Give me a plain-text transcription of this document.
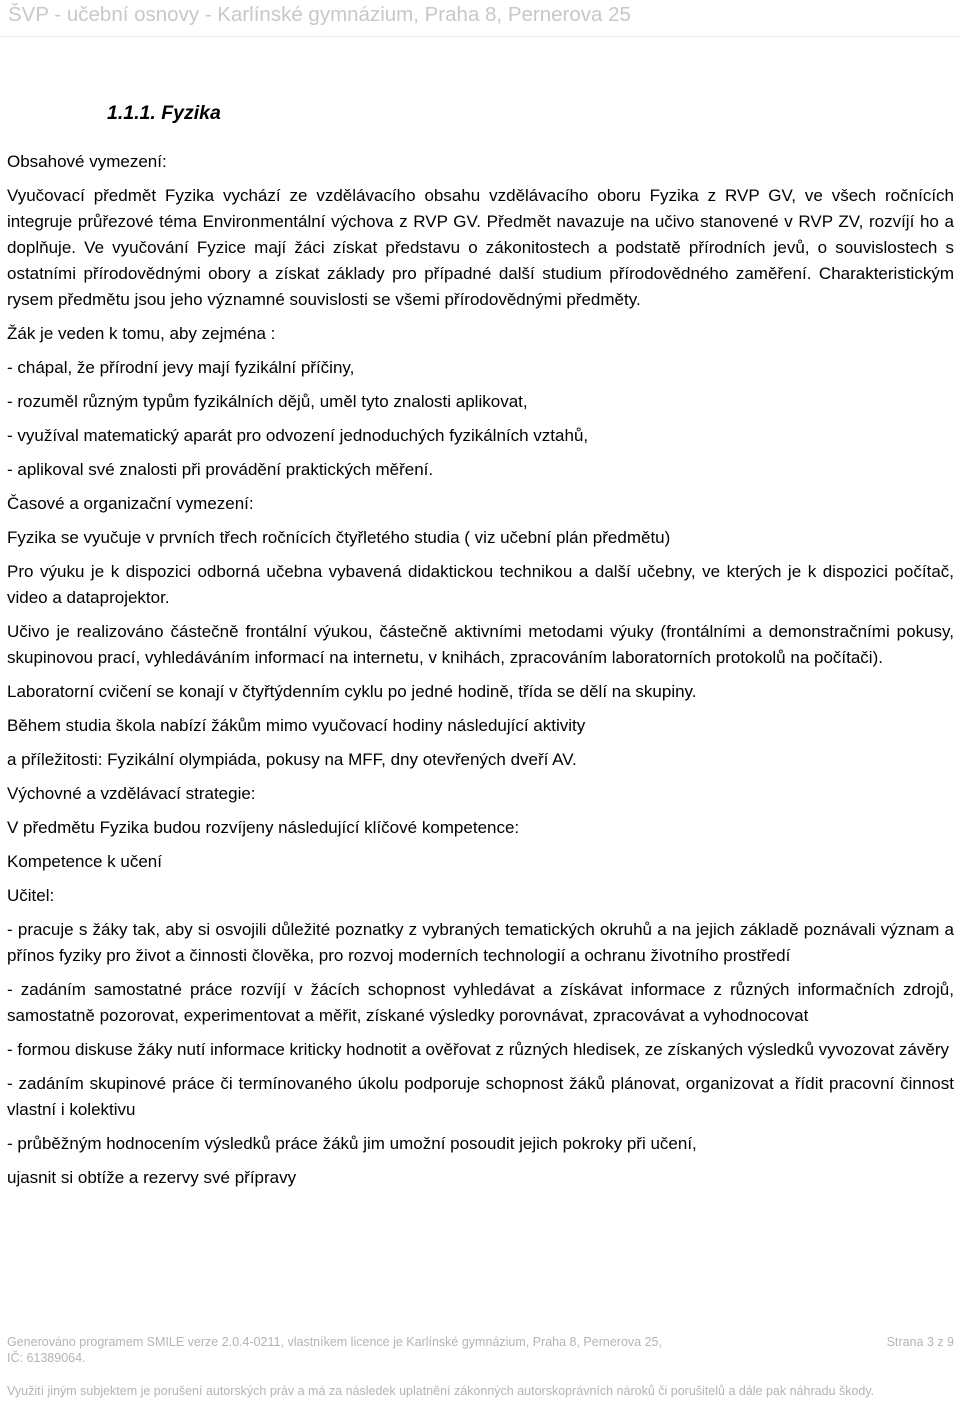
ŠVP - učební osnovy - Karlínské gymnázium, Praha 8, Pernerova 25
1.1.1. Fyzika

Obsahové vymezení:

Vyučovací předmět Fyzika vychází ze vzdělávacího obsahu vzdělávacího oboru Fyzika z RVP GV, ve všech ročnících integruje průřezové téma Environmentální výchova z RVP GV. Předmět navazuje na učivo stanovené v RVP ZV, rozvíjí ho a doplňuje. Ve vyučování Fyzice mají žáci získat představu o zákonitostech a podstatě přírodních jevů, o souvislostech s ostatními přírodovědnými obory a získat základy pro případné další studium přírodovědného zaměření. Charakteristickým rysem předmětu jsou jeho významné souvislosti se všemi přírodovědnými předměty.

Žák je veden k tomu, aby zejména :

- chápal, že přírodní jevy mají fyzikální příčiny,

- rozuměl různým typům fyzikálních dějů, uměl tyto znalosti aplikovat,

- využíval matematický aparát pro odvození jednoduchých fyzikálních vztahů,

- aplikoval své znalosti při provádění praktických měření.

Časové a organizační vymezení:

Fyzika se vyučuje v prvních třech ročnících čtyřletého studia ( viz učební plán předmětu)

Pro výuku je k dispozici odborná učebna vybavená didaktickou technikou a další učebny, ve kterých je k dispozici počítač, video a dataprojektor.

Učivo je realizováno částečně frontální výukou, částečně aktivními metodami výuky (frontálními a demonstračními pokusy, skupinovou prací, vyhledáváním informací na internetu, v knihách, zpracováním laboratorních protokolů na počítači).

Laboratorní cvičení se konají v čtyřtýdenním cyklu po jedné hodině, třída se dělí na skupiny.

Během studia škola nabízí žákům mimo vyučovací hodiny následující aktivity

a příležitosti: Fyzikální olympiáda, pokusy na MFF, dny otevřených dveří AV.

Výchovné a vzdělávací strategie:

V předmětu Fyzika budou rozvíjeny následující klíčové kompetence:

Kompetence k učení

Učitel:

- pracuje s žáky tak, aby si osvojili důležité poznatky z vybraných tematických okruhů a na jejich základě poznávali význam a přínos fyziky pro život a činnosti člověka, pro rozvoj moderních technologií a ochranu životního prostředí

- zadáním samostatné práce rozvíjí v žácích schopnost vyhledávat a získávat informace z různých informačních zdrojů, samostatně pozorovat, experimentovat a měřit, získané výsledky porovnávat, zpracovávat a vyhodnocovat

- formou diskuse žáky nutí informace kriticky hodnotit a ověřovat z různých hledisek, ze získaných výsledků vyvozovat závěry

- zadáním skupinové práce či termínovaného úkolu podporuje schopnost žáků plánovat, organizovat a řídit pracovní činnost vlastní i kolektivu

- průběžným hodnocením výsledků práce žáků jim umožní posoudit jejich pokroky při učení,

ujasnit si obtíže a rezervy své přípravy

Generováno programem SMILE verze 2.0.4-0211, vlastníkem licence je Karlínské gymnázium, Praha 8, Pernerova 25,
IČ: 61389064.
Strana 3 z 9
Využití jiným subjektem je porušení autorských práv a má za následek uplatnění zákonných autorskoprávních nároků či porušitelů a dále pak náhradu škody.
